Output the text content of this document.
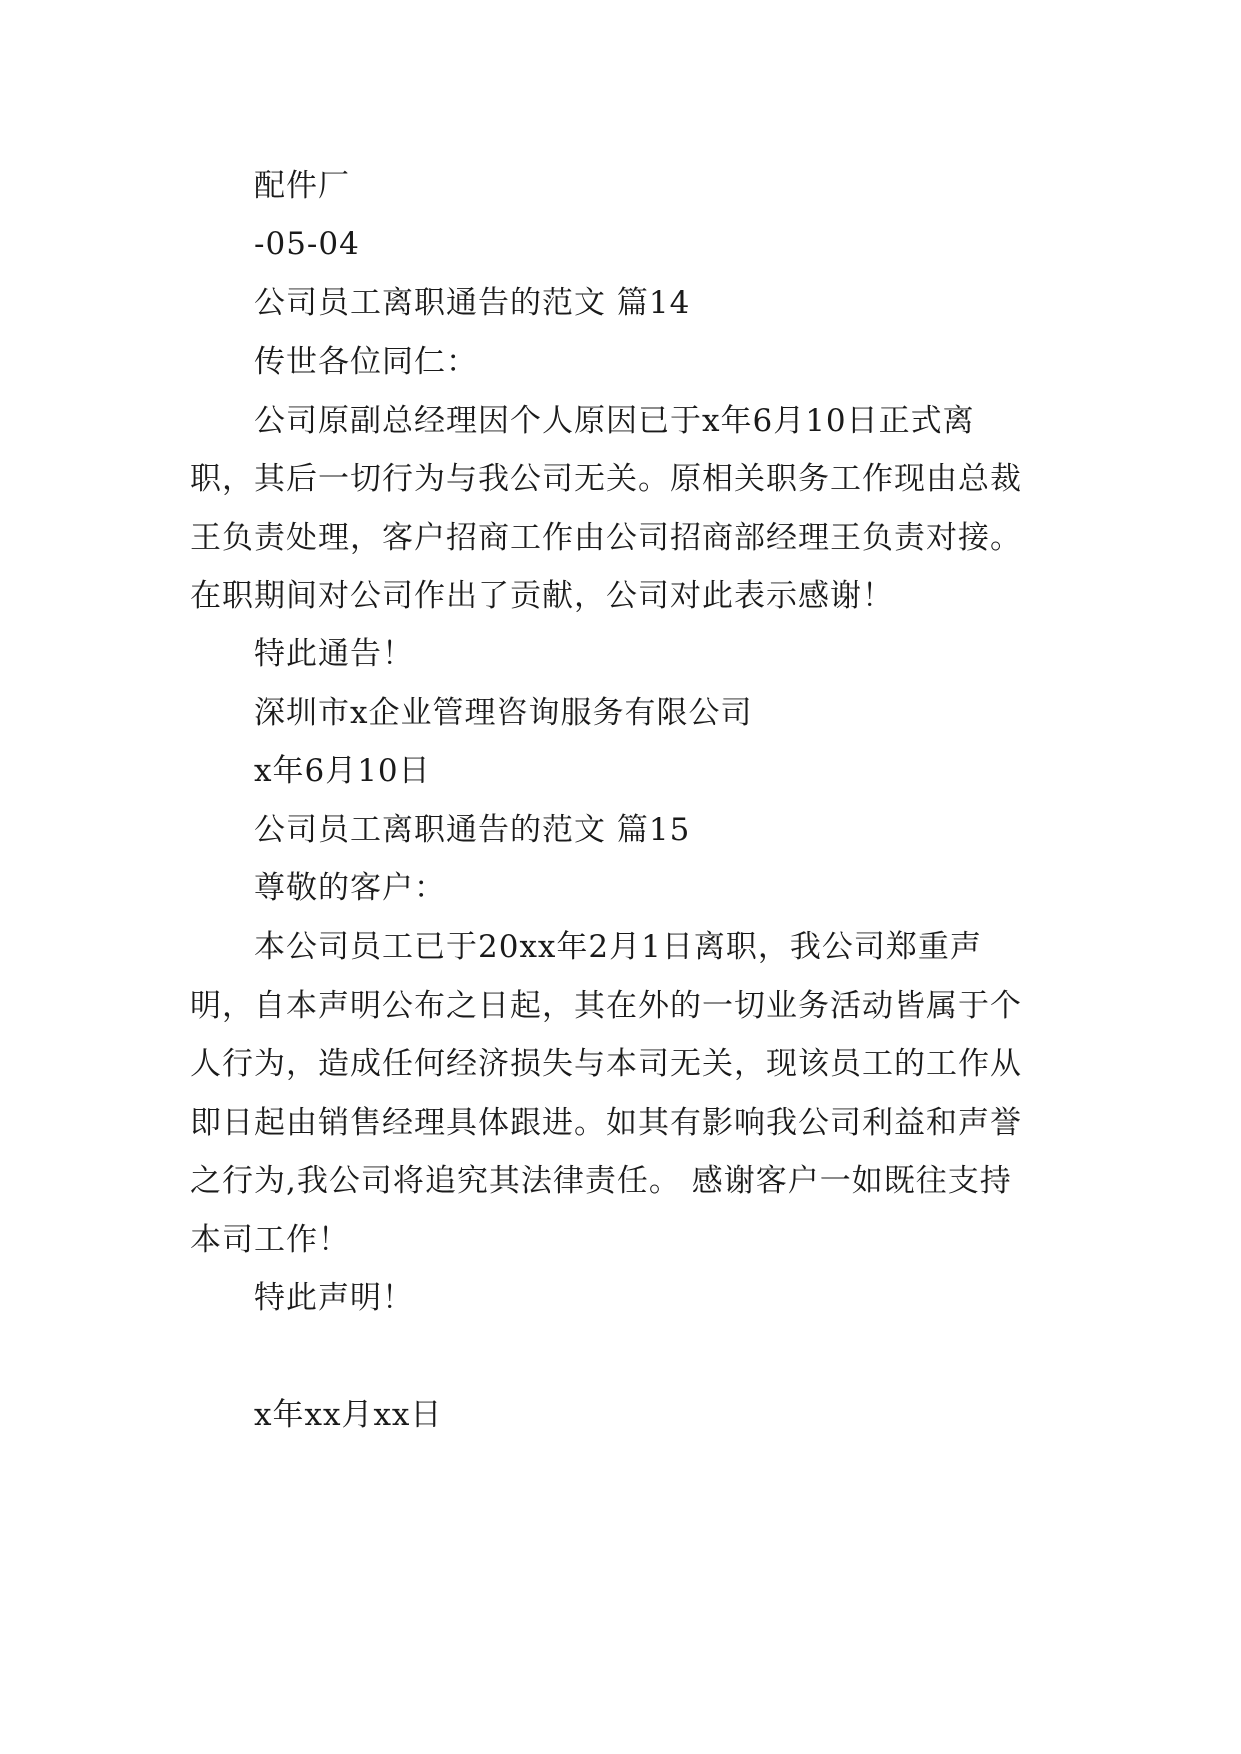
配件厂
-05-04
公司员工离职通告的范文 篇14
传世各位同仁：
公司原副总经理因个人原因已于x年6月10日正式离
职，其后一切行为与我公司无关。原相关职务工作现由总裁
王负责处理，客户招商工作由公司招商部经理王负责对接。
在职期间对公司作出了贡献，公司对此表示感谢！
特此通告！
深圳市x企业管理咨询服务有限公司
x年6月10日
公司员工离职通告的范文 篇15
尊敬的客户：
本公司员工已于20xx年2月1日离职，我公司郑重声
明，自本声明公布之日起，其在外的一切业务活动皆属于个
人行为，造成任何经济损失与本司无关，现该员工的工作从
即日起由销售经理具体跟进。如其有影响我公司利益和声誉
之行为,我公司将追究其法律责任。 感谢客户一如既往支持
本司工作！
特此声明！
x年xx月xx日
